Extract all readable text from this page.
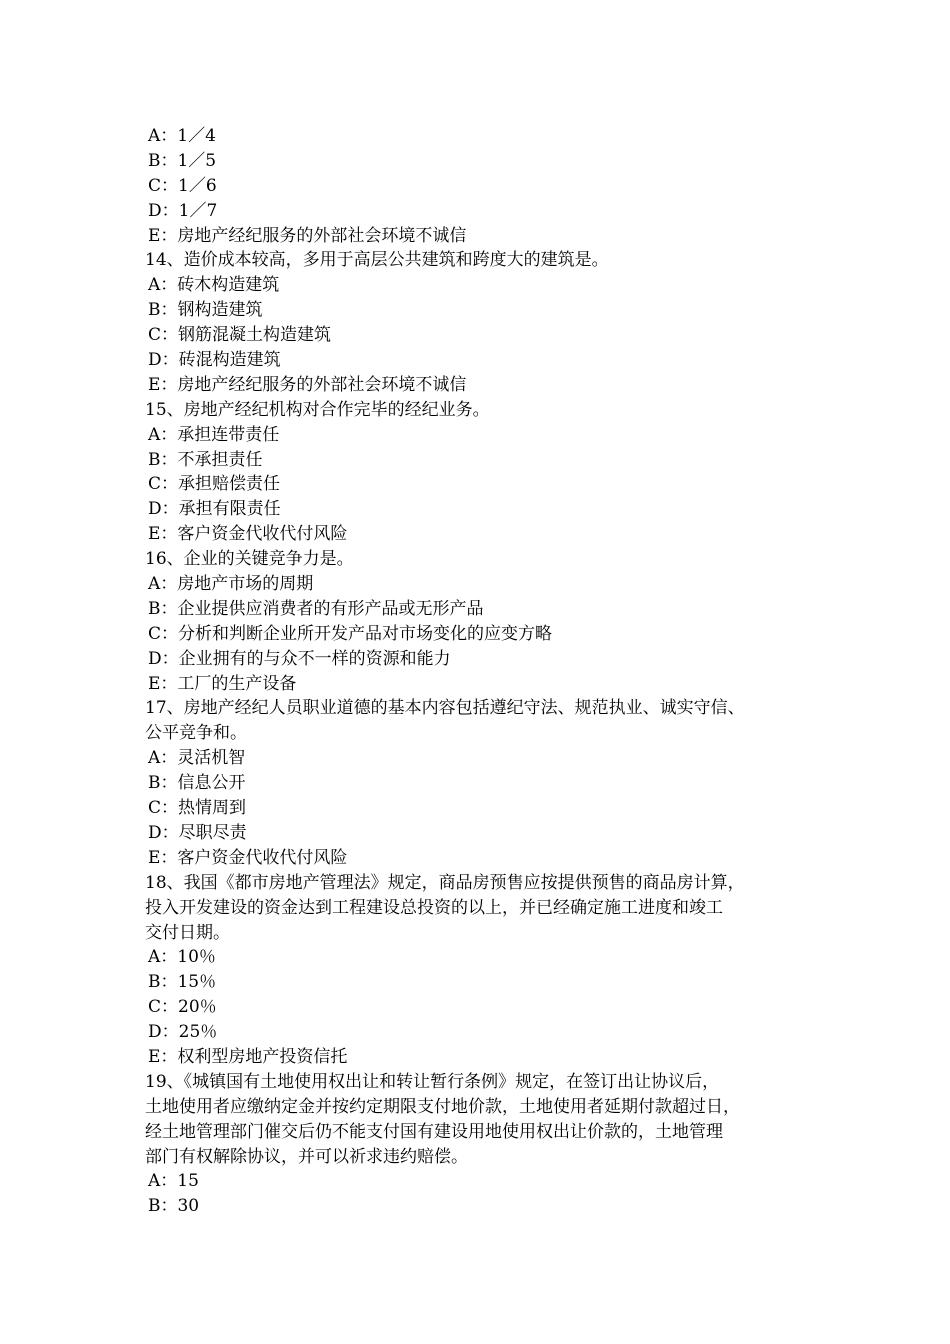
A：1／4
B：1／5
C：1／6
D：1／7
E：房地产经纪服务的外部社会环境不诚信
14、造价成本较高，多用于高层公共建筑和跨度大的建筑是。
A：砖木构造建筑
B：钢构造建筑
C：钢筋混凝土构造建筑
D：砖混构造建筑
E：房地产经纪服务的外部社会环境不诚信
15、房地产经纪机构对合作完毕的经纪业务。
A：承担连带责任
B：不承担责任
C：承担赔偿责任
D：承担有限责任
E：客户资金代收代付风险
16、企业的关键竞争力是。
A：房地产市场的周期
B：企业提供应消费者的有形产品或无形产品
C：分析和判断企业所开发产品对市场变化的应变方略
D：企业拥有的与众不一样的资源和能力
E：工厂的生产设备
17、房地产经纪人员职业道德的基本内容包括遵纪守法、规范执业、诚实守信、
公平竞争和。
A：灵活机智
B：信息公开
C：热情周到
D：尽职尽责
E：客户资金代收代付风险
18、我国《都市房地产管理法》规定，商品房预售应按提供预售的商品房计算，
投入开发建设的资金达到工程建设总投资的以上，并已经确定施工进度和竣工
交付日期。
A：10％
B：15％
C：20％
D：25％
E：权利型房地产投资信托
19、《城镇国有土地使用权出让和转让暂行条例》规定，在签订出让协议后，
土地使用者应缴纳定金并按约定期限支付地价款，土地使用者延期付款超过日，
经土地管理部门催交后仍不能支付国有建设用地使用权出让价款的，土地管理
部门有权解除协议，并可以祈求违约赔偿。
A：15
B：30
